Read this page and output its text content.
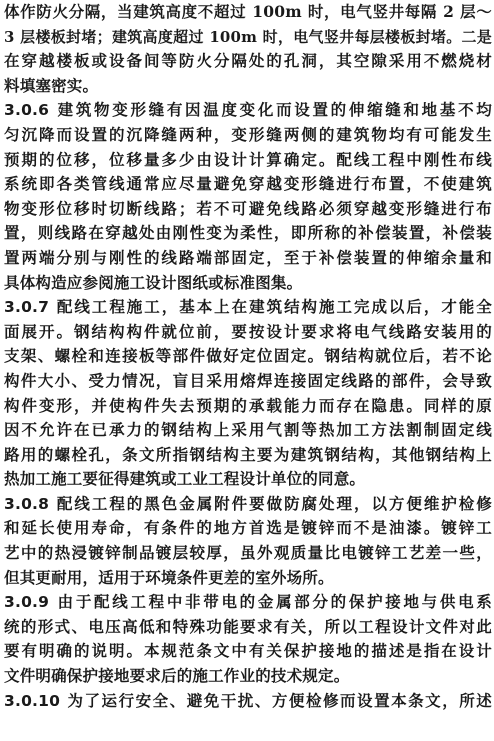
体作防火分隔，当建筑高度不超过 100m 时，电气竖井每隔 2 层～
3 层楼板封堵；建筑高度超过 100m 时，电气竖井每层楼板封堵。二是
在穿越楼板或设备间等防火分隔处的孔洞，其空隙采用不燃烧材
料填塞密实。
3.0.6 建筑物变形缝有因温度变化而设置的伸缩缝和地基不均
匀沉降而设置的沉降缝两种，变形缝两侧的建筑物均有可能发生
预期的位移，位移量多少由设计计算确定。配线工程中刚性布线
系统即各类管线通常应尽量避免穿越变形缝进行布置，不使建筑
物变形位移时切断线路；若不可避免线路必须穿越变形缝进行布
置，则线路在穿越处由刚性变为柔性，即所称的补偿装置，补偿装
置两端分别与刚性的线路端部固定，至于补偿装置的伸缩余量和
具体构造应参阅施工设计图纸或标准图集。
3.0.7 配线工程施工，基本上在建筑结构施工完成以后，才能全
面展开。钢结构构件就位前，要按设计要求将电气线路安装用的
支架、螺栓和连接板等部件做好定位固定。钢结构就位后，若不论
构件大小、受力情况，盲目采用熔焊连接固定线路的部件，会导致
构件变形，并使构件失去预期的承载能力而存在隐患。同样的原
因不允许在已承力的钢结构上采用气割等热加工方法割制固定线
路用的螺栓孔，条文所指钢结构主要为建筑钢结构，其他钢结构上
热加工施工要征得建筑或工业工程设计单位的同意。
3.0.8 配线工程的黑色金属附件要做防腐处理，以方便维护检修
和延长使用寿命，有条件的地方首选是镀锌而不是油漆。镀锌工
艺中的热浸镀锌制品镀层较厚，虽外观质量比电镀锌工艺差一些，
但其更耐用，适用于环境条件更差的室外场所。
3.0.9 由于配线工程中非带电的金属部分的保护接地与供电系
统的形式、电压高低和特殊功能要求有关，所以工程设计文件对此
要有明确的说明。本规范条文中有关保护接地的描述是指在设计
文件明确保护接地要求后的施工作业的技术规定。
3.0.10 为了运行安全、避免干扰、方便检修而设置本条文，所述
